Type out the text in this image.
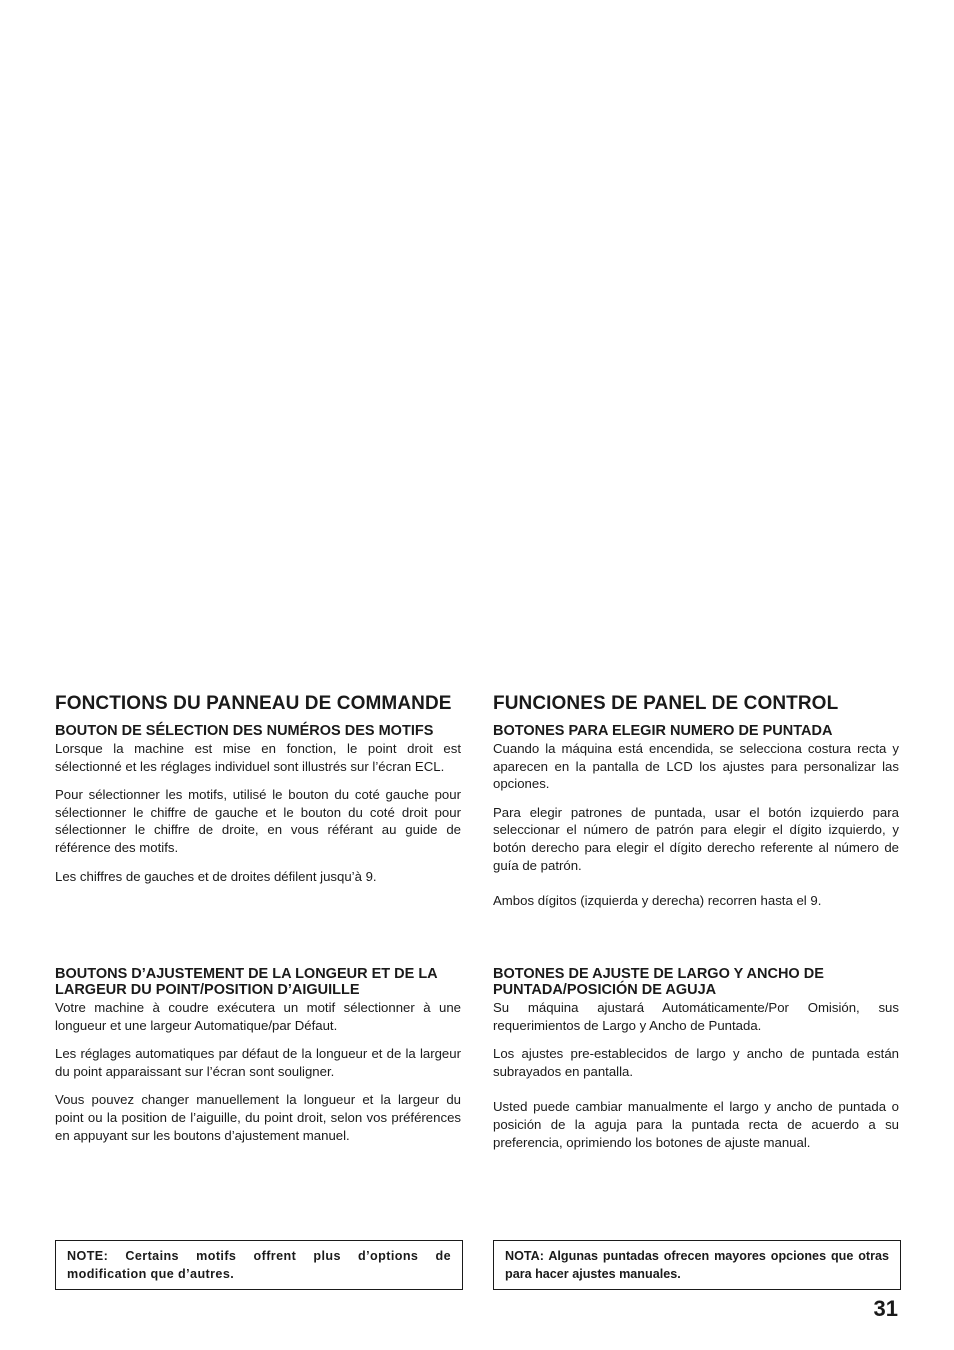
FONCTIONS DU PANNEAU DE COMMANDE
BOUTON DE SÉLECTION DES NUMÉROS DES MOTIFS

Lorsque la machine est mise en fonction, le point droit est sélectionné et les réglages individuel sont illustrés sur l’écran ECL.

Pour sélectionner les motifs, utilisé le bouton du coté gauche pour sélectionner le chiffre de gauche et le bouton du coté droit pour sélectionner le chiffre de droite, en vous référant au guide de référence des motifs.

Les chiffres de gauches et de droites défilent jusqu’à 9.

BOUTONS D’AJUSTEMENT DE LA LONGEUR ET DE LA LARGEUR DU POINT/POSITION D’AIGUILLE

Votre machine à coudre exécutera un motif sélectionner à une longueur et une largeur Automatique/par Défaut.

Les réglages automatiques par défaut de la longueur et de la largeur du point apparaissant sur l’écran sont souligner.

Vous pouvez changer manuellement la longueur et la largeur du point ou la position de l’aiguille, du point droit, selon vos préférences en appuyant sur les boutons d’ajustement manuel.

FUNCIONES DE PANEL DE CONTROL
BOTONES PARA ELEGIR NUMERO DE PUNTADA

Cuando la máquina está encendida, se selecciona costura recta y aparecen en la pantalla de LCD los ajustes para personalizar las opciones.

Para elegir patrones de puntada, usar el botón izquierdo para seleccionar el número de patrón para elegir el dígito izquierdo, y botón derecho para elegir el dígito derecho referente al número de guía de patrón.

Ambos dígitos (izquierda y derecha) recorren hasta el 9.

BOTONES DE AJUSTE DE LARGO Y ANCHO DE PUNTADA/POSICIÓN DE AGUJA

Su máquina ajustará Automáticamente/Por Omisión, sus requerimientos de Largo y Ancho de Puntada.

Los ajustes pre-establecidos de largo y ancho de puntada están subrayados en pantalla.

Usted puede cambiar manualmente el largo y ancho de puntada o posición de la aguja para la puntada recta de acuerdo a su preferencia, oprimiendo los botones de ajuste manual.

NOTE: Certains motifs offrent plus d’options de modification que d’autres.
NOTA: Algunas puntadas ofrecen mayores opciones que otras para hacer ajustes manuales.
31
